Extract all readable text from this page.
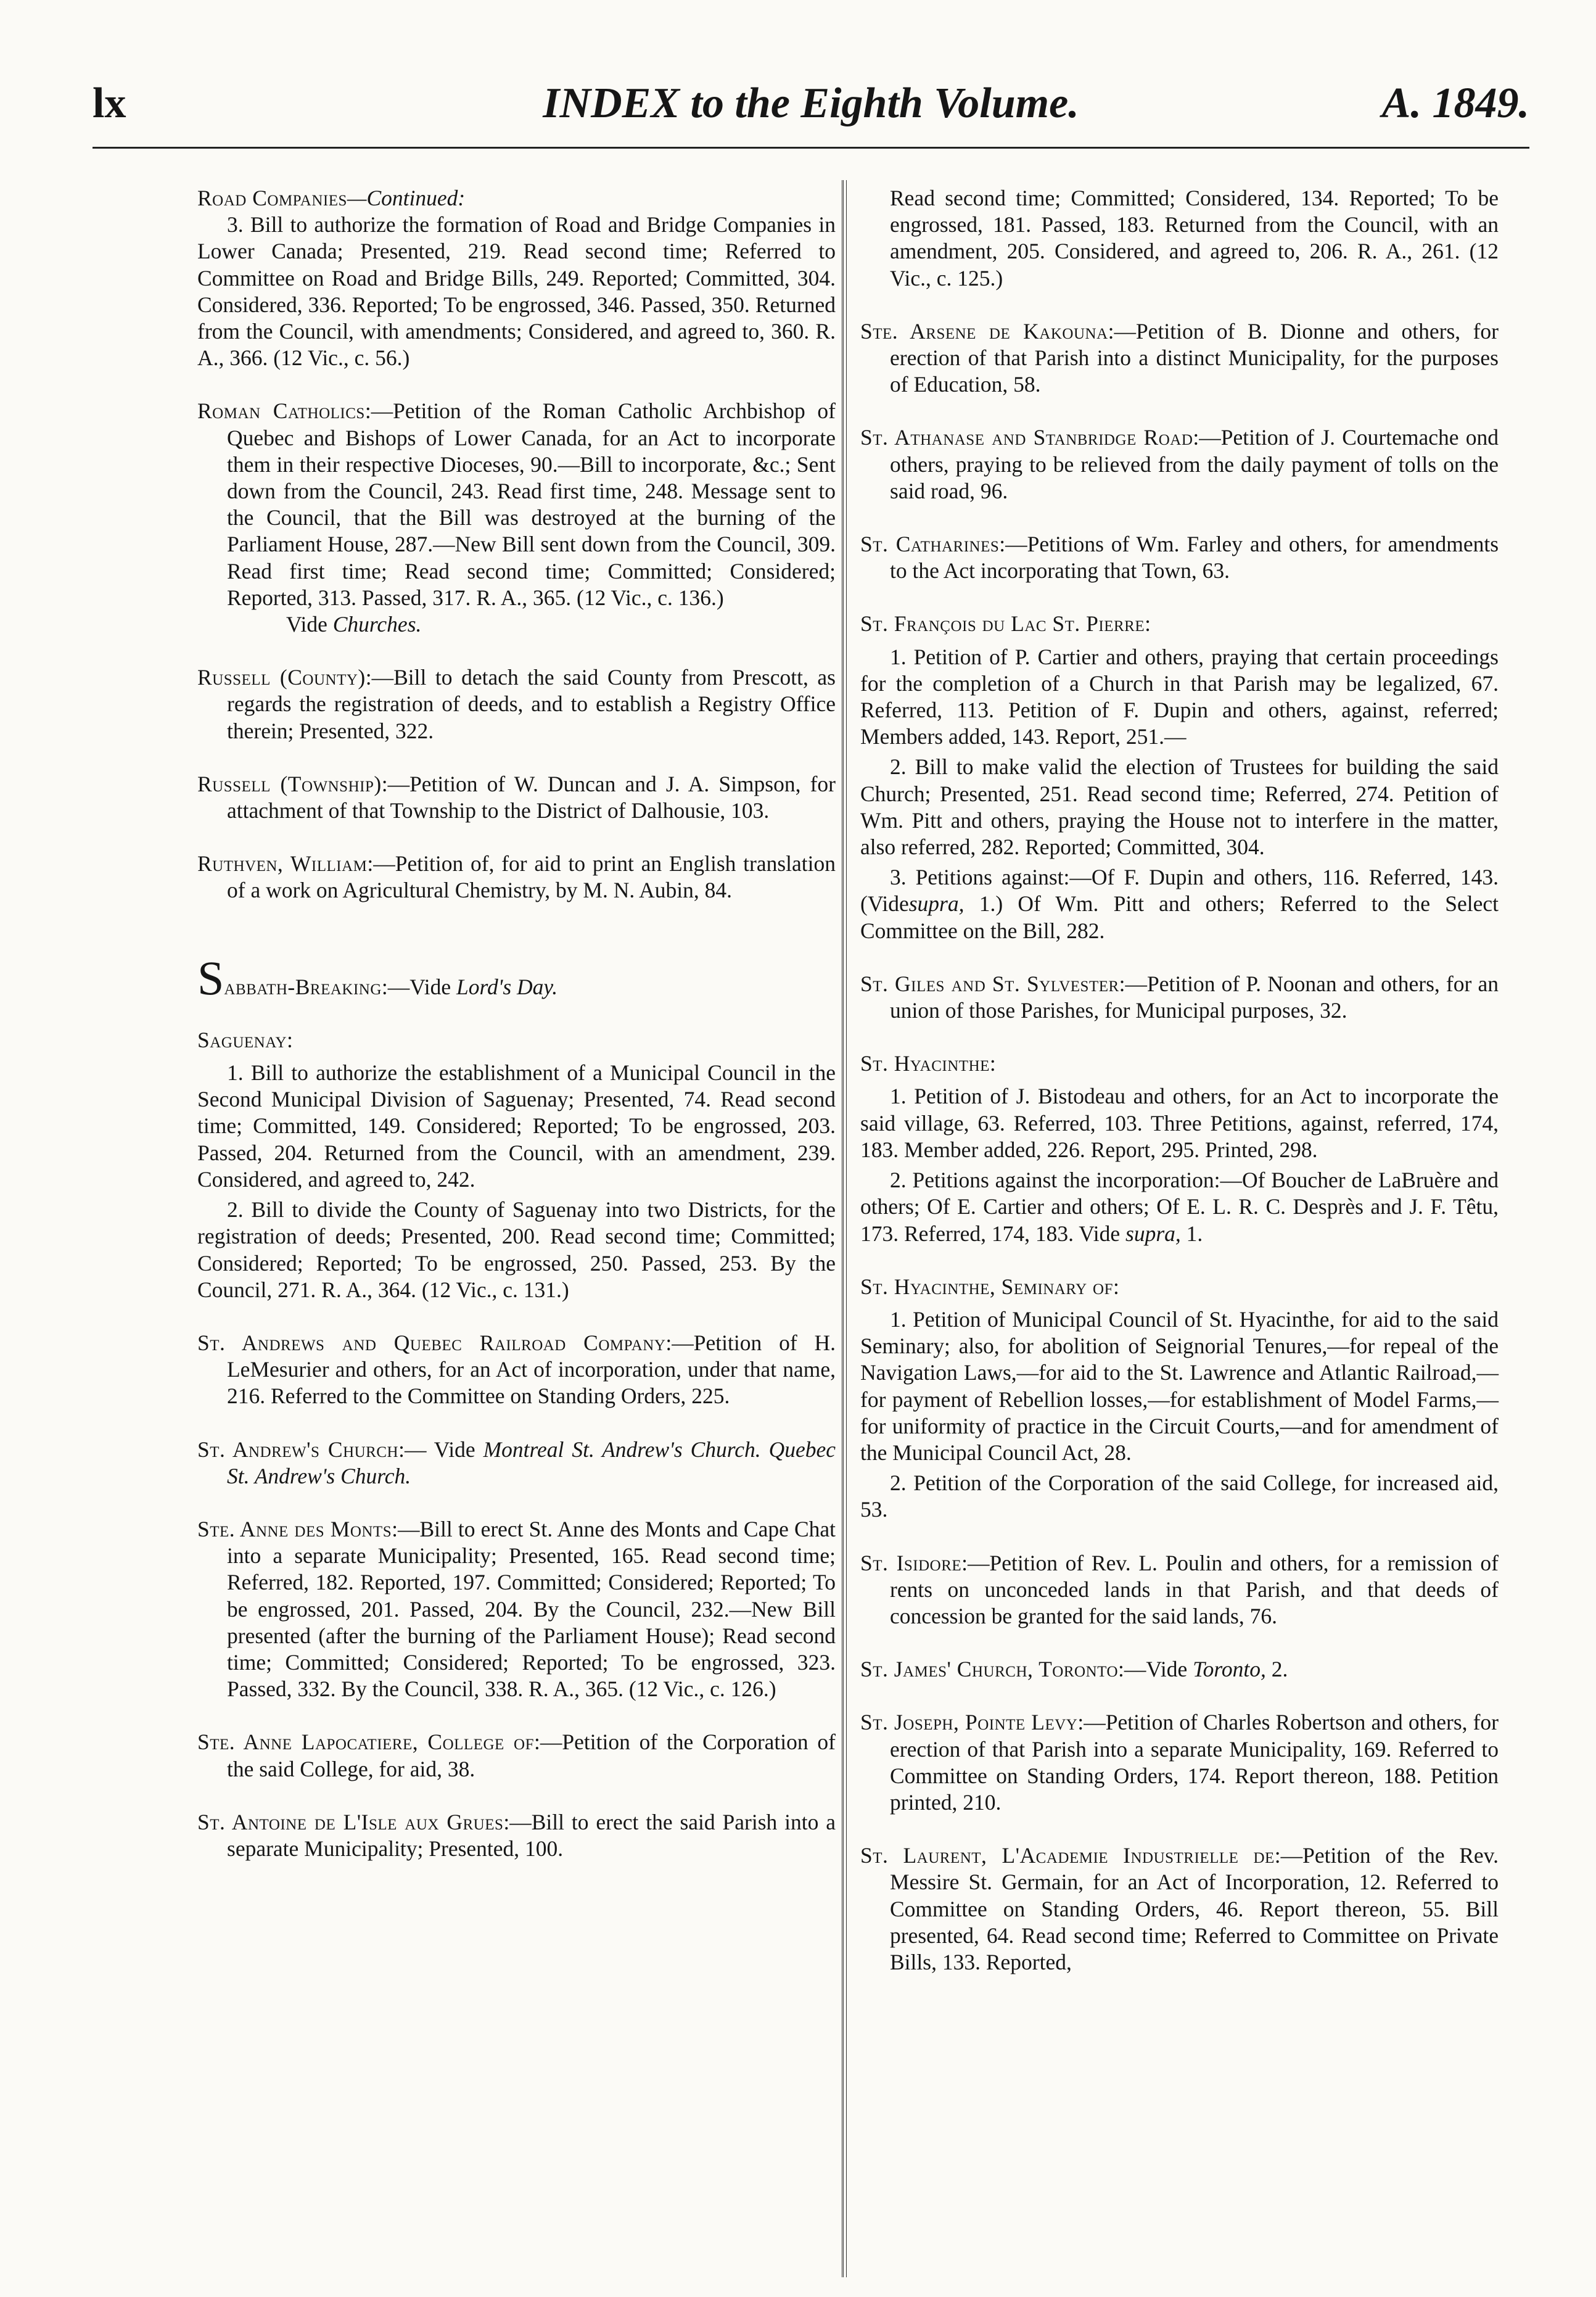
lx	INDEX to the Eighth Volume.	A. 1849.

Road Companies—Continued:

3. Bill to authorize the formation of Road and Bridge Companies in Lower Canada; Presented, 219. Read second time; Referred to Committee on Road and Bridge Bills, 249. Reported; Committed, 304. Considered, 336. Reported; To be engrossed, 346. Passed, 350. Returned from the Council, with amendments; Considered, and agreed to, 360. R. A., 366. (12 Vic., c. 56.)

Roman Catholics:—Petition of the Roman Catholic Archbishop of Quebec and Bishops of Lower Canada, for an Act to incorporate them in their respective Dioceses, 90.—Bill to incorporate, &c.; Sent down from the Council, 243. Read first time, 248. Message sent to the Council, that the Bill was destroyed at the burning of the Parliament House, 287.—New Bill sent down from the Council, 309. Read first time; Read second time; Committed; Considered; Reported, 313. Passed, 317. R. A., 365. (12 Vic., c. 136.)

Vide Churches.

Russell (County):—Bill to detach the said County from Prescott, as regards the registration of deeds, and to establish a Registry Office therein; Presented, 322.
Russell (Township):—Petition of W. Duncan and J. A. Simpson, for attachment of that Township to the District of Dalhousie, 103.
Ruthven, William:—Petition of, for aid to print an English translation of a work on Agricultural Chemistry, by M. N. Aubin, 84.
Sabbath-Breaking:—Vide Lord's Day.

Saguenay:

1. Bill to authorize the establishment of a Municipal Council in the Second Municipal Division of Saguenay; Presented, 74. Read second time; Committed, 149. Considered; Reported; To be engrossed, 203. Passed, 204. Returned from the Council, with an amendment, 239. Considered, and agreed to, 242.

2. Bill to divide the County of Saguenay into two Districts, for the registration of deeds; Presented, 200. Read second time; Committed; Considered; Reported; To be engrossed, 250. Passed, 253. By the Council, 271. R. A., 364. (12 Vic., c. 131.)

St. Andrews and Quebec Railroad Company:—Petition of H. LeMesurier and others, for an Act of incorporation, under that name, 216. Referred to the Committee on Standing Orders, 225.
St. Andrew's Church:— Vide Montreal St. Andrew's Church. Quebec St. Andrew's Church.
Ste. Anne des Monts:—Bill to erect St. Anne des Monts and Cape Chat into a separate Municipality; Presented, 165. Read second time; Referred, 182. Reported, 197. Committed; Considered; Reported; To be engrossed, 201. Passed, 204. By the Council, 232.—New Bill presented (after the burning of the Parliament House); Read second time; Committed; Considered; Reported; To be engrossed, 323. Passed, 332. By the Council, 338. R. A., 365. (12 Vic., c. 126.)
Ste. Anne Lapocatiere, College of:—Petition of the Corporation of the said College, for aid, 38.
St. Antoine de L'Isle aux Grues:—Bill to erect the said Parish into a separate Municipality; Presented, 100.
Read second time; Committed; Considered, 134. Reported; To be engrossed, 181. Passed, 183. Returned from the Council, with an amendment, 205. Considered, and agreed to, 206. R. A., 261. (12 Vic., c. 125.)
Ste. Arsene de Kakouna:—Petition of B. Dionne and others, for erection of that Parish into a distinct Municipality, for the purposes of Education, 58.
St. Athanase and Stanbridge Road:—Petition of J. Courtemache ond others, praying to be relieved from the daily payment of tolls on the said road, 96.
St. Catharines:—Petitions of Wm. Farley and others, for amendments to the Act incorporating that Town, 63.

St. François du Lac St. Pierre:

1. Petition of P. Cartier and others, praying that certain proceedings for the completion of a Church in that Parish may be legalized, 67. Referred, 113. Petition of F. Dupin and others, against, referred; Members added, 143. Report, 251.—

2. Bill to make valid the election of Trustees for building the said Church; Presented, 251. Read second time; Referred, 274. Petition of Wm. Pitt and others, praying the House not to interfere in the matter, also referred, 282. Reported; Committed, 304.

3. Petitions against:—Of F. Dupin and others, 116. Referred, 143. (Videsupra, 1.) Of Wm. Pitt and others; Referred to the Select Committee on the Bill, 282.

St. Giles and St. Sylvester:—Petition of P. Noonan and others, for an union of those Parishes, for Municipal purposes, 32.

St. Hyacinthe:

1. Petition of J. Bistodeau and others, for an Act to incorporate the said village, 63. Referred, 103. Three Petitions, against, referred, 174, 183. Member added, 226. Report, 295. Printed, 298.

2. Petitions against the incorporation:—Of Boucher de LaBruère and others; Of E. Cartier and others; Of E. L. R. C. Desprès and J. F. Têtu, 173. Referred, 174, 183. Vide supra, 1.

St. Hyacinthe, Seminary of:

1. Petition of Municipal Council of St. Hyacinthe, for aid to the said Seminary; also, for abolition of Seignorial Tenures,—for repeal of the Navigation Laws,—for aid to the St. Lawrence and Atlantic Railroad,—for payment of Rebellion losses,—for establishment of Model Farms,—for uniformity of practice in the Circuit Courts,—and for amendment of the Municipal Council Act, 28.

2. Petition of the Corporation of the said College, for increased aid, 53.

St. Isidore:—Petition of Rev. L. Poulin and others, for a remission of rents on unconceded lands in that Parish, and that deeds of concession be granted for the said lands, 76.
St. James' Church, Toronto:—Vide Toronto, 2.
St. Joseph, Pointe Levy:—Petition of Charles Robertson and others, for erection of that Parish into a separate Municipality, 169. Referred to Committee on Standing Orders, 174. Report thereon, 188. Petition printed, 210.
St. Laurent, L'Academie Industrielle de:—Petition of the Rev. Messire St. Germain, for an Act of Incorporation, 12. Referred to Committee on Standing Orders, 46. Report thereon, 55. Bill presented, 64. Read second time; Referred to Committee on Private Bills, 133. Reported,
